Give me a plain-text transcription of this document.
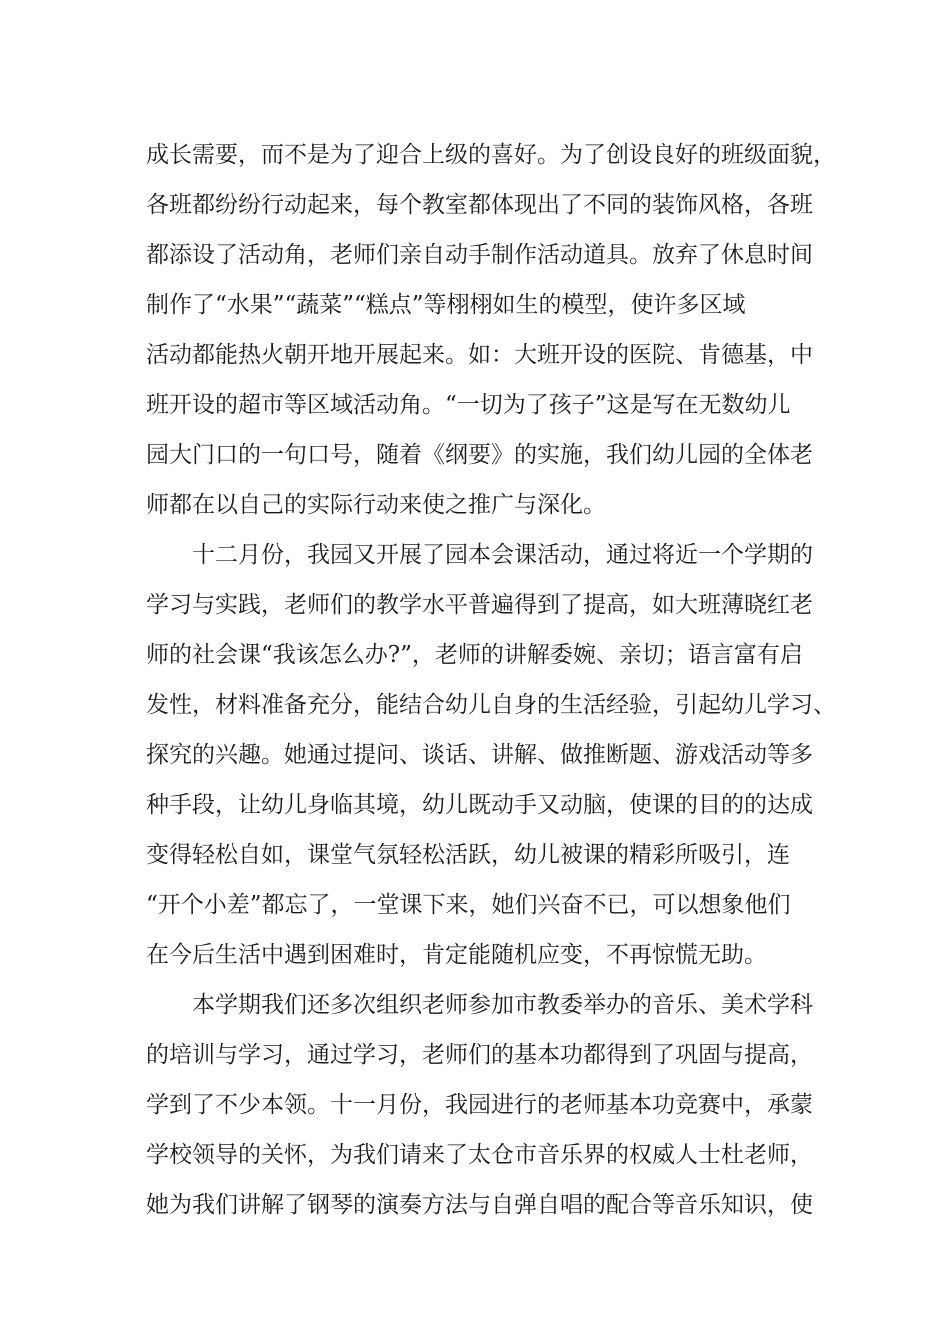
成长需要，而不是为了迎合上级的喜好。为了创设良好的班级面貌，
各班都纷纷行动起来，每个教室都体现出了不同的装饰风格，各班
都添设了活动角，老师们亲自动手制作活动道具。放弃了休息时间
制作了“水果”“蔬菜”“糕点”等栩栩如生的模型，使许多区域
活动都能热火朝开地开展起来。如：大班开设的医院、肯德基，中
班开设的超市等区域活动角。“一切为了孩子”这是写在无数幼儿
园大门口的一句口号，随着《纲要》的实施，我们幼儿园的全体老
师都在以自己的实际行动来使之推广与深化。
十二月份，我园又开展了园本会课活动，通过将近一个学期的
学习与实践，老师们的教学水平普遍得到了提高，如大班薄晓红老
师的社会课“我该怎么办?”，老师的讲解委婉、亲切；语言富有启
发性，材料准备充分，能结合幼儿自身的生活经验，引起幼儿学习、
探究的兴趣。她通过提问、谈话、讲解、做推断题、游戏活动等多
种手段，让幼儿身临其境，幼儿既动手又动脑，使课的目的的达成
变得轻松自如，课堂气氛轻松活跃，幼儿被课的精彩所吸引，连
“开个小差”都忘了，一堂课下来，她们兴奋不已，可以想象他们
在今后生活中遇到困难时，肯定能随机应变，不再惊慌无助。
本学期我们还多次组织老师参加市教委举办的音乐、美术学科
的培训与学习，通过学习，老师们的基本功都得到了巩固与提高，
学到了不少本领。十一月份，我园进行的老师基本功竞赛中，承蒙
学校领导的关怀，为我们请来了太仓市音乐界的权威人士杜老师，
她为我们讲解了钢琴的演奏方法与自弹自唱的配合等音乐知识，使
